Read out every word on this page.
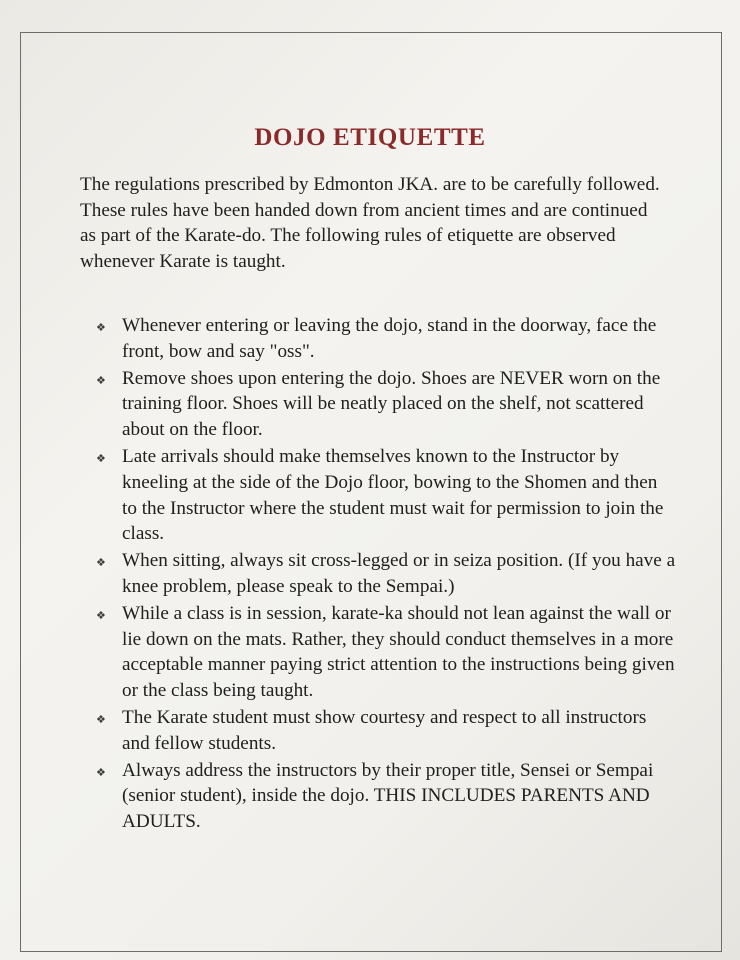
DOJO ETIQUETTE

The regulations prescribed by Edmonton JKA. are to be carefully followed. These rules have been handed down from ancient times and are continued as part of the Karate-do. The following rules of etiquette are observed whenever Karate is taught.

❖ Whenever entering or leaving the dojo, stand in the doorway, face the front, bow and say "oss".
❖ Remove shoes upon entering the dojo. Shoes are NEVER worn on the training floor. Shoes will be neatly placed on the shelf, not scattered about on the floor.
❖ Late arrivals should make themselves known to the Instructor by kneeling at the side of the Dojo floor, bowing to the Shomen and then to the Instructor where the student must wait for permission to join the class.
❖ When sitting, always sit cross-legged or in seiza position. (If you have a knee problem, please speak to the Sempai.)
❖ While a class is in session, karate-ka should not lean against the wall or lie down on the mats. Rather, they should conduct themselves in a more acceptable manner paying strict attention to the instructions being given or the class being taught.
❖ The Karate student must show courtesy and respect to all instructors and fellow students.
❖ Always address the instructors by their proper title, Sensei or Sempai (senior student), inside the dojo. THIS INCLUDES PARENTS AND ADULTS.
